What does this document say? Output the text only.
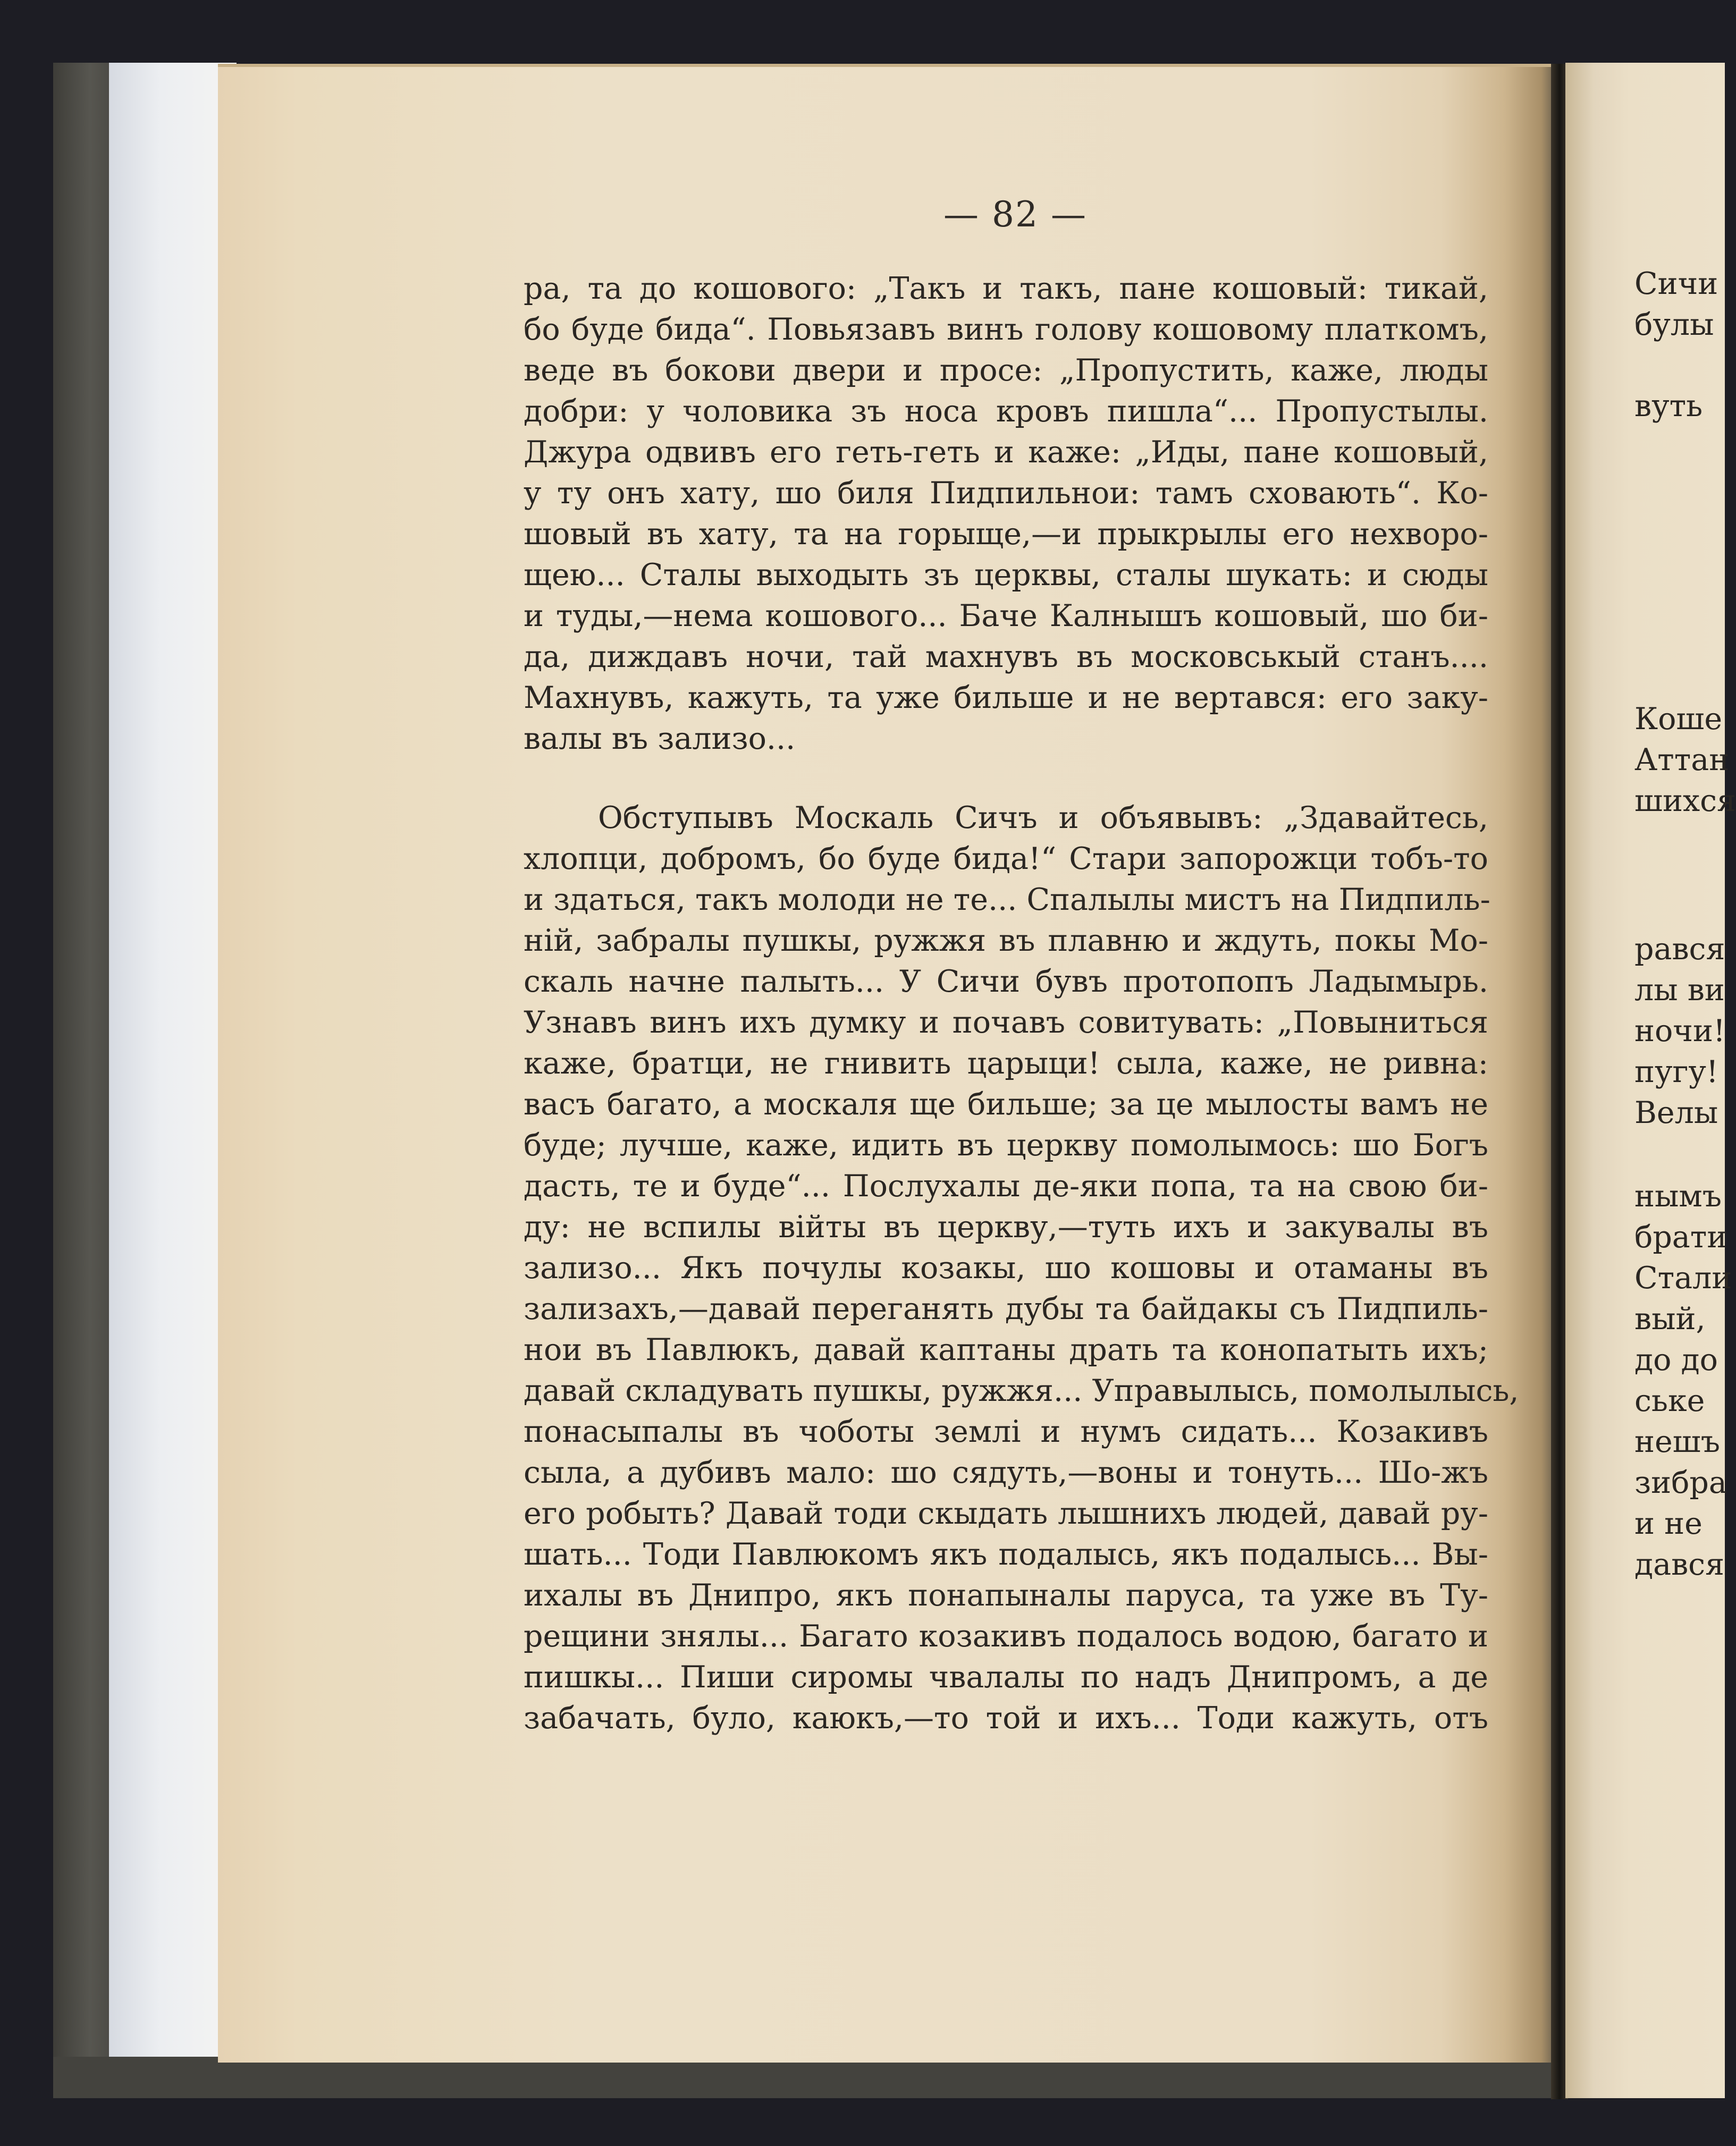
Сичи
булы
вуть
Коше
Аттан
шихся
рався
лы ви
ночи!
пугу!
Велы
нымъ
брати
Стали
вый,
до до
ське
нешъ
зибра
и не
дався
— 82 —
ра, та до кошового: „Такъ и такъ, пане кошовый: тикай,
бо буде бида“. Повьязавъ винъ голову кошовому платкомъ,
веде въ бокови двери и просе: „Пропустить, каже, люды
добри: у чоловика зъ носа кровъ пишла“... Пропустылы.
Джура одвивъ его геть-геть и каже: „Иды, пане кошовый,
у ту онъ хату, шо биля Пидпильнои: тамъ сховають“. Ко-
шовый въ хату, та на горыще,—и прыкрылы его нехворо-
щею... Сталы выходыть зъ церквы, сталы шукать: и сюды
и туды,—нема кошового... Баче Калнышъ кошовый, шо би-
да, диждавъ ночи, тай махнувъ въ московськый станъ....
Махнувъ, кажуть, та уже бильше и не вертався: его заку-
валы въ зализо...
Обступывъ Москаль Сичъ и объявывъ: „Здавайтесь,
хлопци, добромъ, бо буде бида!“ Стари запорожци тобъ-то
и здаться, такъ молоди не те... Спалылы мистъ на Пидпиль-
ній, забралы пушкы, ружжя въ плавню и ждуть, покы Мо-
скаль начне палыть... У Сичи бувъ протопопъ Ладымырь.
Узнавъ винъ ихъ думку и почавъ совитувать: „Повыниться
каже, братци, не гнивить царыци! сыла, каже, не ривна:
васъ багато, а москаля ще бильше; за це мылосты вамъ не
буде; лучше, каже, идить въ церкву помолымось: шо Богъ
дасть, те и буде“... Послухалы де-яки попа, та на свою би-
ду: не вспилы війты въ церкву,—туть ихъ и закувалы въ
зализо... Якъ почулы козакы, шо кошовы и отаманы въ
зализахъ,—давай переганять дубы та байдакы съ Пидпиль-
нои въ Павлюкъ, давай каптаны драть та конопатыть ихъ;
давай складувать пушкы, ружжя... Управылысь, помолылысь,
понасыпалы въ чоботы землі и нумъ сидать... Козакивъ
сыла, а дубивъ мало: шо сядуть,—воны и тонуть... Шо-жъ
его робыть? Давай тоди скыдать лышнихъ людей, давай ру-
шать... Тоди Павлюкомъ якъ подалысь, якъ подалысь... Вы-
ихалы въ Днипро, якъ понапыналы паруса, та уже въ Ту-
рещини знялы... Багато козакивъ подалось водою, багато и
пишкы... Пиши сиромы чвалалы по надъ Днипромъ, а де
забачать, було, каюкъ,—то той и ихъ... Тоди кажуть, отъ
